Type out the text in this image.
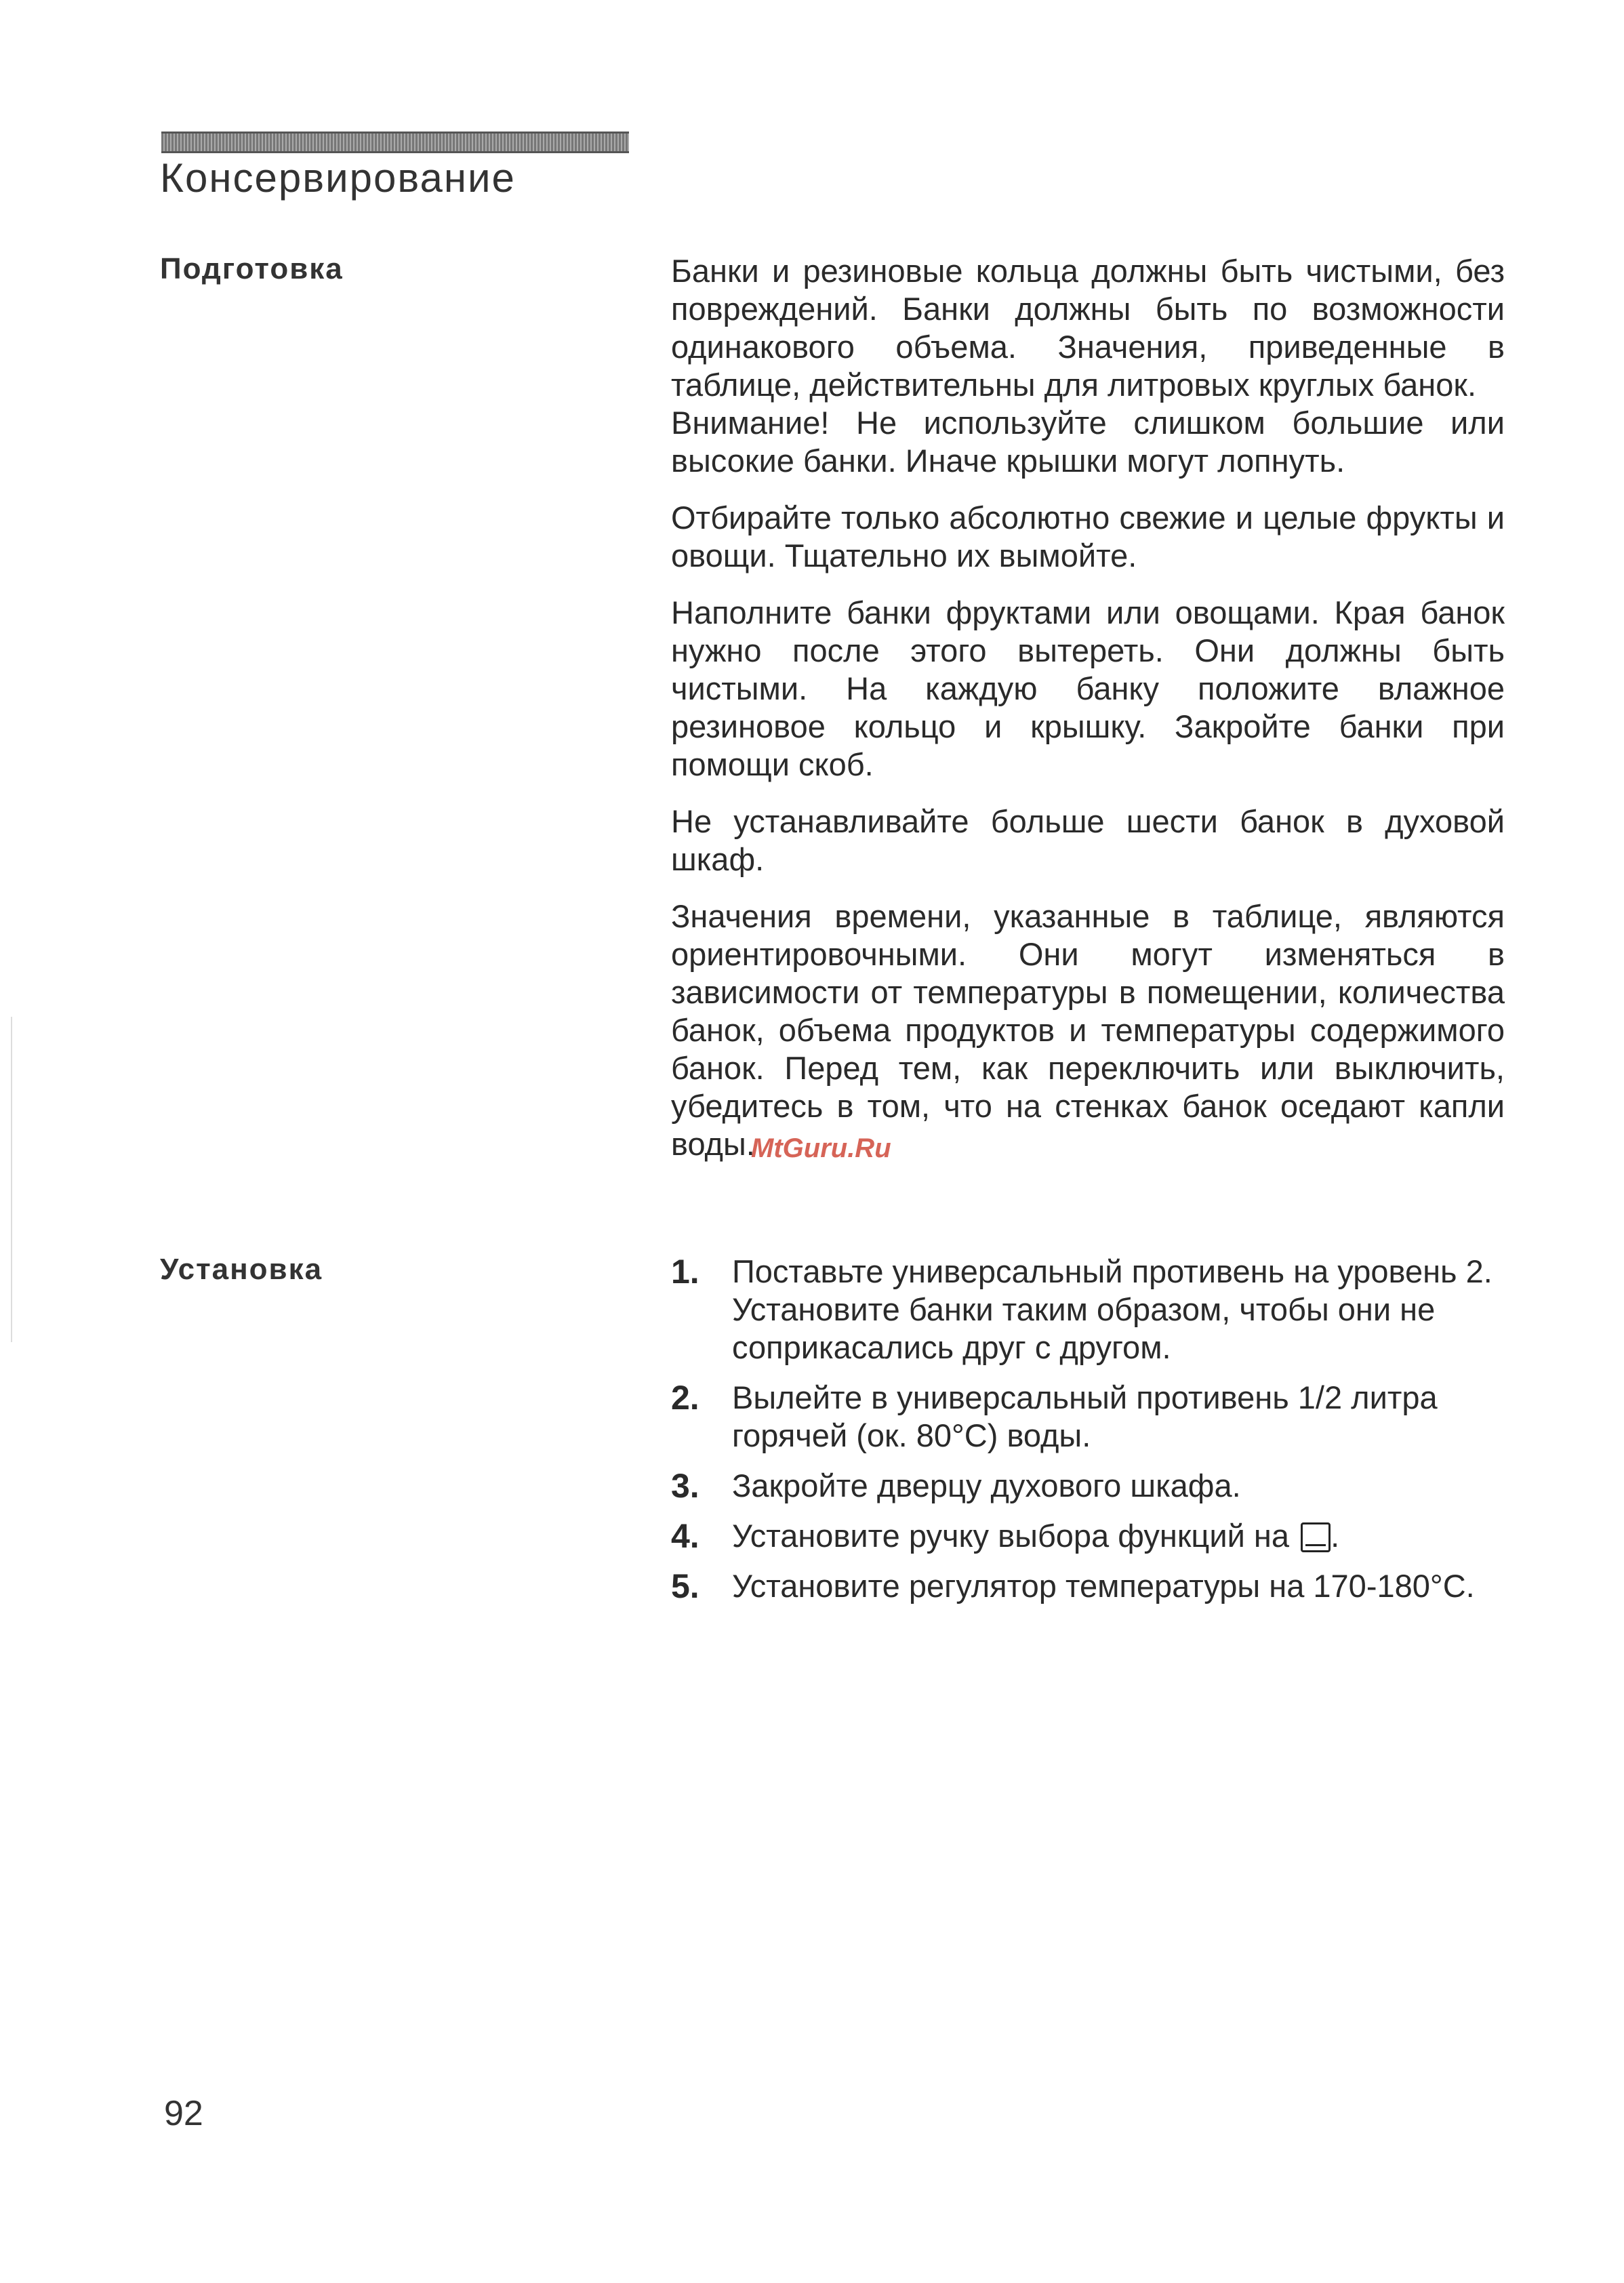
Консервирование
Подготовка	Банки и резиновые кольца должны быть чистыми, без повреждений. Банки должны быть по возможности одинакового объема. Значения, приведенные в таблице, действительны для литровых круглых банок.

Внимание! Не используйте слишком большие или высокие банки. Иначе крышки могут лопнуть.

Отбирайте только абсолютно свежие и целые фрукты и овощи. Тщательно их вымойте.

Наполните банки фруктами или овощами. Края банок нужно после этого вытереть. Они должны быть чистыми. На каждую банку положите влажное резиновое кольцо и крышку. Закройте банки при помощи скоб.

Не устанавливайте больше шести банок в духовой шкаф.

Значения времени, указанные в таблице, являются ориентировочными. Они могут изменяться в зависимости от температуры в помещении, количества банок, объема продуктов и температуры содержимого банок. Перед тем, как переключить или выключить, убедитесь в том, что на стенках банок оседают капли воды.

MtGuru.Ru
Установка	1. Поставьте универсальный противень на уровень 2. Установите банки таким образом, чтобы они не соприкасались друг с другом.
2. Вылейте в универсальный противень 1/2 литра горячей (ок. 80°С) воды.
3. Закройте дверцу духового шкафа.
4. Установите ручку выбора функций на .
5. Установите регулятор температуры на 170-180°С.
92
